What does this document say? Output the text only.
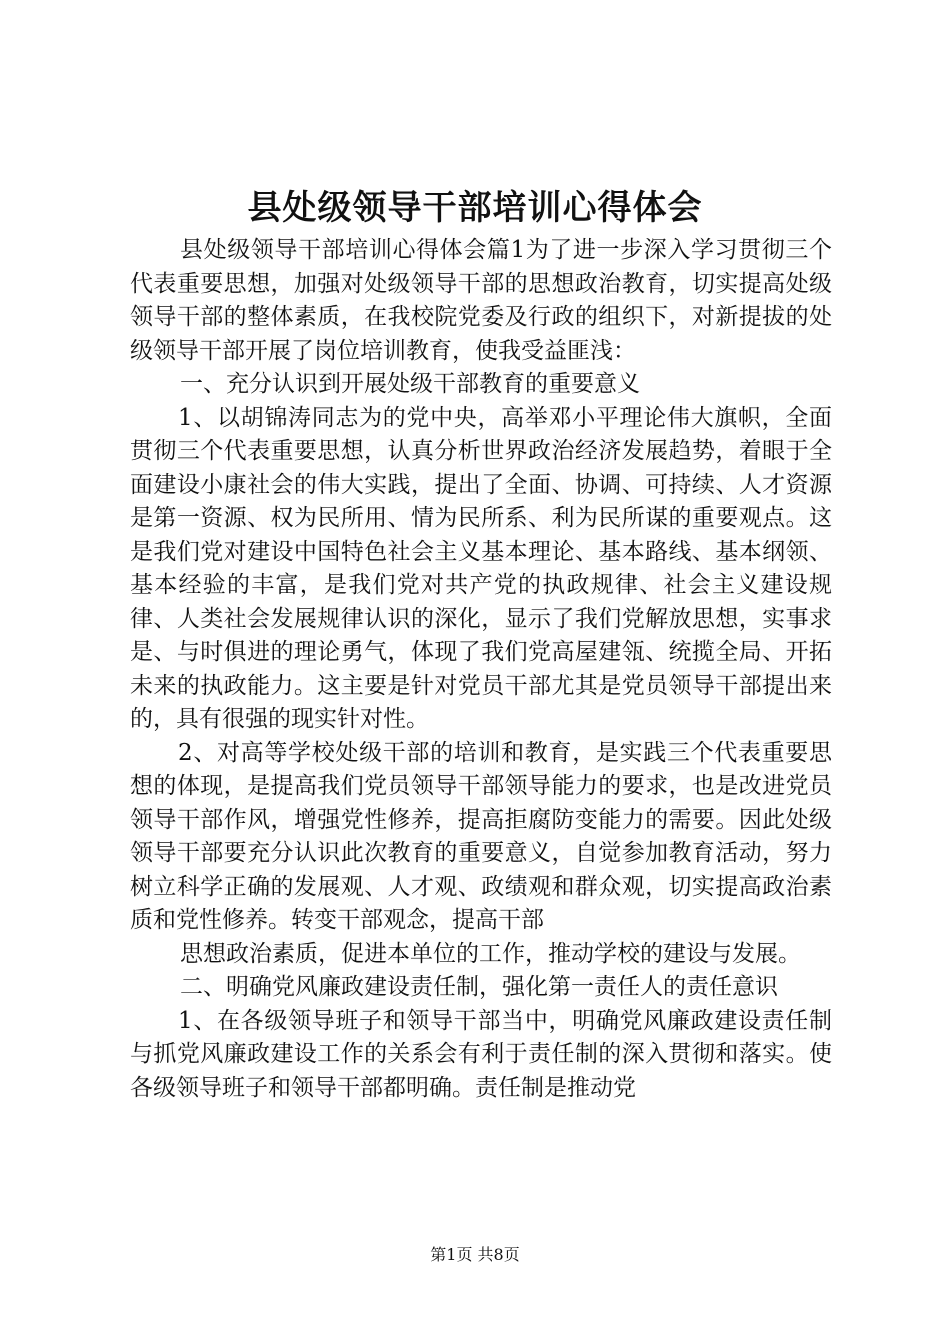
县处级领导干部培训心得体会

县处级领导干部培训心得体会篇1为了进一步深入学习贯彻三个代表重要思想，加强对处级领导干部的思想政治教育，切实提高处级领导干部的整体素质，在我校院党委及行政的组织下，对新提拔的处级领导干部开展了岗位培训教育，使我受益匪浅：

一、充分认识到开展处级干部教育的重要意义

1、以胡锦涛同志为的党中央，高举邓小平理论伟大旗帜，全面贯彻三个代表重要思想，认真分析世界政治经济发展趋势，着眼于全面建设小康社会的伟大实践，提出了全面、协调、可持续、人才资源是第一资源、权为民所用、情为民所系、利为民所谋的重要观点。这是我们党对建设中国特色社会主义基本理论、基本路线、基本纲领、基本经验的丰富，是我们党对共产党的执政规律、社会主义建设规律、人类社会发展规律认识的深化，显示了我们党解放思想，实事求是、与时俱进的理论勇气，体现了我们党高屋建瓴、统揽全局、开拓未来的执政能力。这主要是针对党员干部尤其是党员领导干部提出来的，具有很强的现实针对性。

2、对高等学校处级干部的培训和教育，是实践三个代表重要思想的体现，是提高我们党员领导干部领导能力的要求，也是改进党员领导干部作风，增强党性修养，提高拒腐防变能力的需要。因此处级领导干部要充分认识此次教育的重要意义，自觉参加教育活动，努力树立科学正确的发展观、人才观、政绩观和群众观，切实提高政治素质和党性修养。转变干部观念，提高干部

思想政治素质，促进本单位的工作，推动学校的建设与发展。

二、明确党风廉政建设责任制，强化第一责任人的责任意识

1、在各级领导班子和领导干部当中，明确党风廉政建设责任制与抓党风廉政建设工作的关系会有利于责任制的深入贯彻和落实。使各级领导班子和领导干部都明确。责任制是推动党

第1页 共8页
